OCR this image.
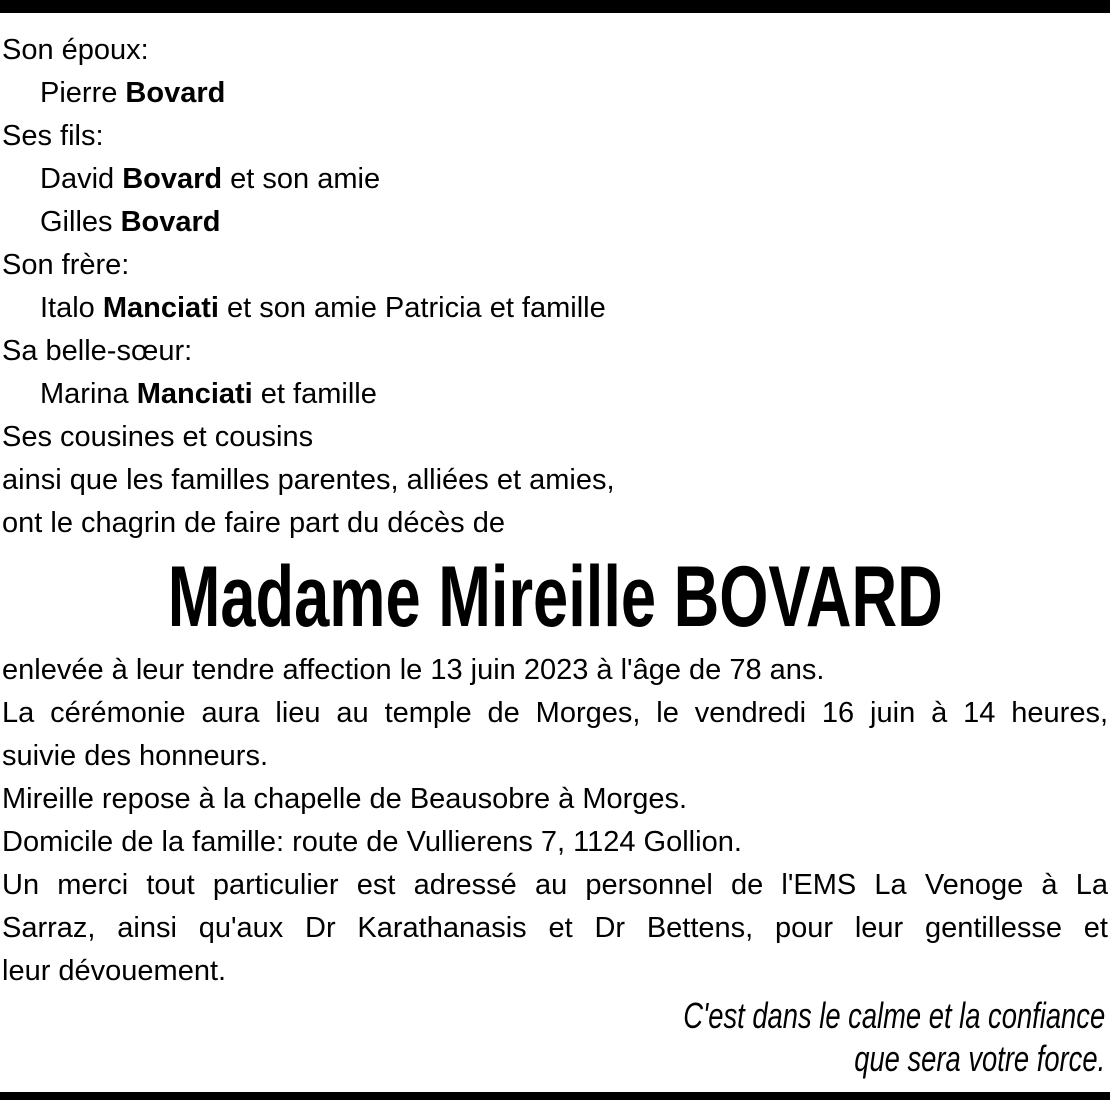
Son époux:
Pierre Bovard
Ses fils:
David Bovard et son amie
Gilles Bovard
Son frère:
Italo Manciati et son amie Patricia et famille
Sa belle-sœur:
Marina Manciati et famille
Ses cousines et cousins
ainsi que les familles parentes, alliées et amies,
ont le chagrin de faire part du décès de
Madame Mireille BOVARD
enlevée à leur tendre affection le 13 juin 2023 à l'âge de 78 ans.
La cérémonie aura lieu au temple de Morges, le vendredi 16 juin à 14 heures,
suivie des honneurs.
Mireille repose à la chapelle de Beausobre à Morges.
Domicile de la famille: route de Vullierens 7, 1124 Gollion.
Un merci tout particulier est adressé au personnel de l'EMS La Venoge à La
Sarraz, ainsi qu'aux Dr Karathanasis et Dr Bettens, pour leur gentillesse et
leur dévouement.
C'est dans le calme et la confiance
que sera votre force.
